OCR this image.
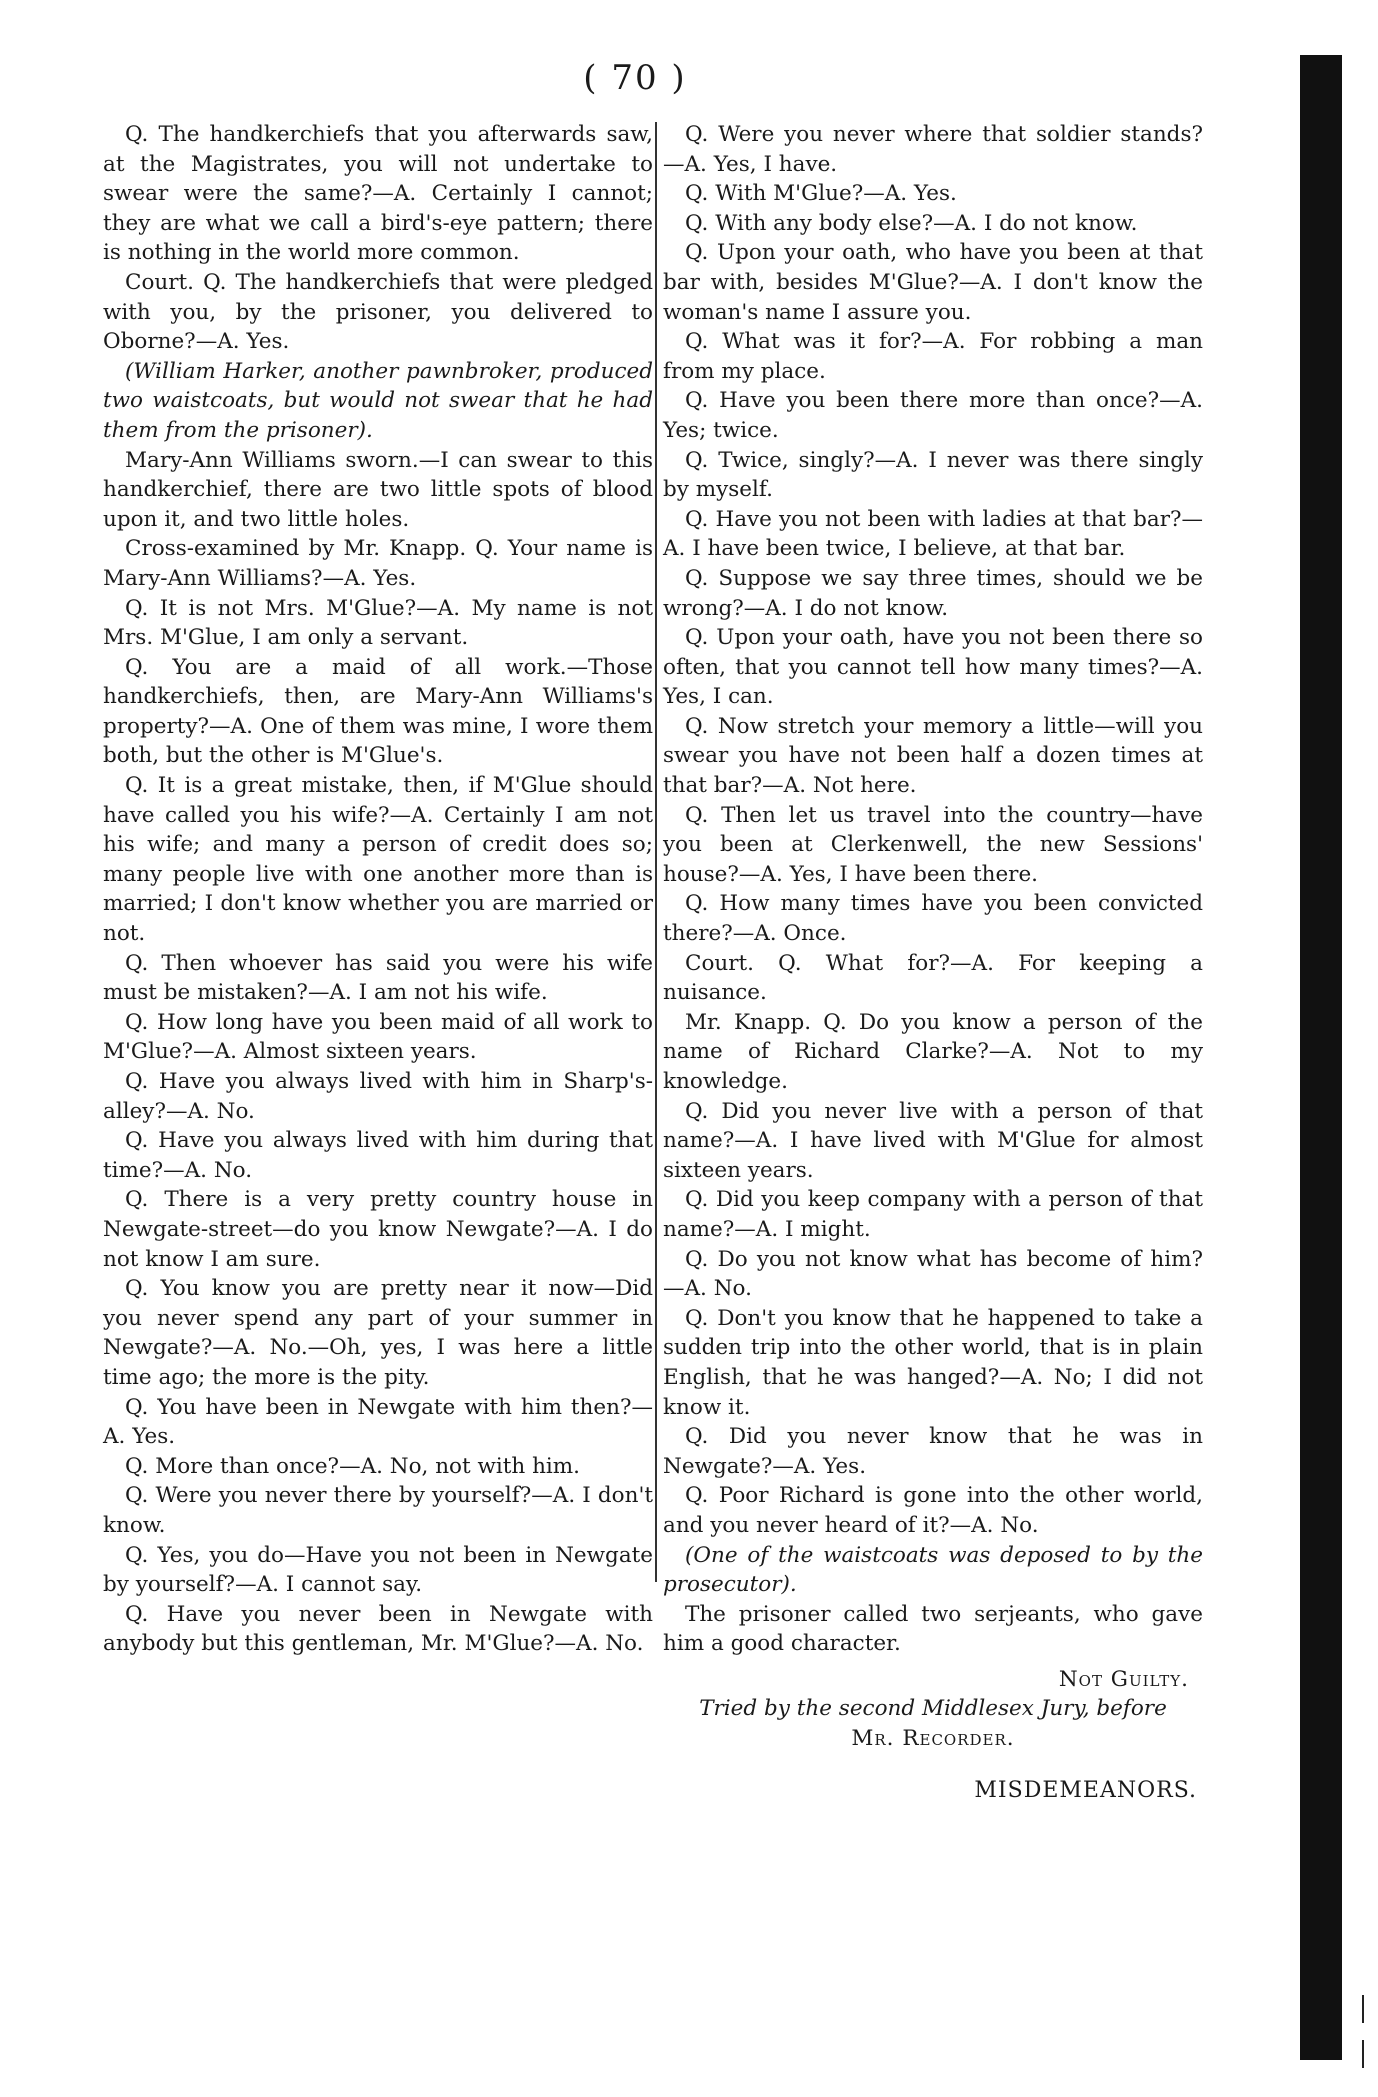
( 70 )

Q. The handkerchiefs that you afterwards saw, at the Magistrates, you will not undertake to swear were the same?—A. Certainly I cannot; they are what we call a bird's-eye pattern; there is nothing in the world more common.

Court. Q. The handkerchiefs that were pledged with you, by the prisoner, you delivered to Oborne?—A. Yes.

(William Harker, another pawnbroker, produced two waistcoats, but would not swear that he had them from the prisoner).

Mary-Ann Williams sworn.—I can swear to this handkerchief, there are two little spots of blood upon it, and two little holes.

Cross-examined by Mr. Knapp. Q. Your name is Mary-Ann Williams?—A. Yes.

Q. It is not Mrs. M'Glue?—A. My name is not Mrs. M'Glue, I am only a servant.

Q. You are a maid of all work.—Those handkerchiefs, then, are Mary-Ann Williams's property?—A. One of them was mine, I wore them both, but the other is M'Glue's.

Q. It is a great mistake, then, if M'Glue should have called you his wife?—A. Certainly I am not his wife; and many a person of credit does so; many people live with one another more than is married; I don't know whether you are married or not.

Q. Then whoever has said you were his wife must be mistaken?—A. I am not his wife.

Q. How long have you been maid of all work to M'Glue?—A. Almost sixteen years.

Q. Have you always lived with him in Sharp's-alley?—A. No.

Q. Have you always lived with him during that time?—A. No.

Q. There is a very pretty country house in Newgate-street—do you know Newgate?—A. I do not know I am sure.

Q. You know you are pretty near it now—Did you never spend any part of your summer in Newgate?—A. No.—Oh, yes, I was here a little time ago; the more is the pity.

Q. You have been in Newgate with him then?—A. Yes.

Q. More than once?—A. No, not with him.

Q. Were you never there by yourself?—A. I don't know.

Q. Yes, you do—Have you not been in Newgate by yourself?—A. I cannot say.

Q. Have you never been in Newgate with anybody but this gentleman, Mr. M'Glue?—A. No.

Q. Were you never where that soldier stands?—A. Yes, I have.

Q. With M'Glue?—A. Yes.

Q. With any body else?—A. I do not know.

Q. Upon your oath, who have you been at that bar with, besides M'Glue?—A. I don't know the woman's name I assure you.

Q. What was it for?—A. For robbing a man from my place.

Q. Have you been there more than once?—A. Yes; twice.

Q. Twice, singly?—A. I never was there singly by myself.

Q. Have you not been with ladies at that bar?—A. I have been twice, I believe, at that bar.

Q. Suppose we say three times, should we be wrong?—A. I do not know.

Q. Upon your oath, have you not been there so often, that you cannot tell how many times?—A. Yes, I can.

Q. Now stretch your memory a little—will you swear you have not been half a dozen times at that bar?—A. Not here.

Q. Then let us travel into the country—have you been at Clerkenwell, the new Sessions' house?—A. Yes, I have been there.

Q. How many times have you been convicted there?—A. Once.

Court. Q. What for?—A. For keeping a nuisance.

Mr. Knapp. Q. Do you know a person of the name of Richard Clarke?—A. Not to my knowledge.

Q. Did you never live with a person of that name?—A. I have lived with M'Glue for almost sixteen years.

Q. Did you keep company with a person of that name?—A. I might.

Q. Do you not know what has become of him?—A. No.

Q. Don't you know that he happened to take a sudden trip into the other world, that is in plain English, that he was hanged?—A. No; I did not know it.

Q. Did you never know that he was in Newgate?—A. Yes.

Q. Poor Richard is gone into the other world, and you never heard of it?—A. No.

(One of the waistcoats was deposed to by the prosecutor).

The prisoner called two serjeants, who gave him a good character.

Not Guilty.

Tried by the second Middlesex Jury, before

Mr. Recorder.

MISDEMEANORS.
